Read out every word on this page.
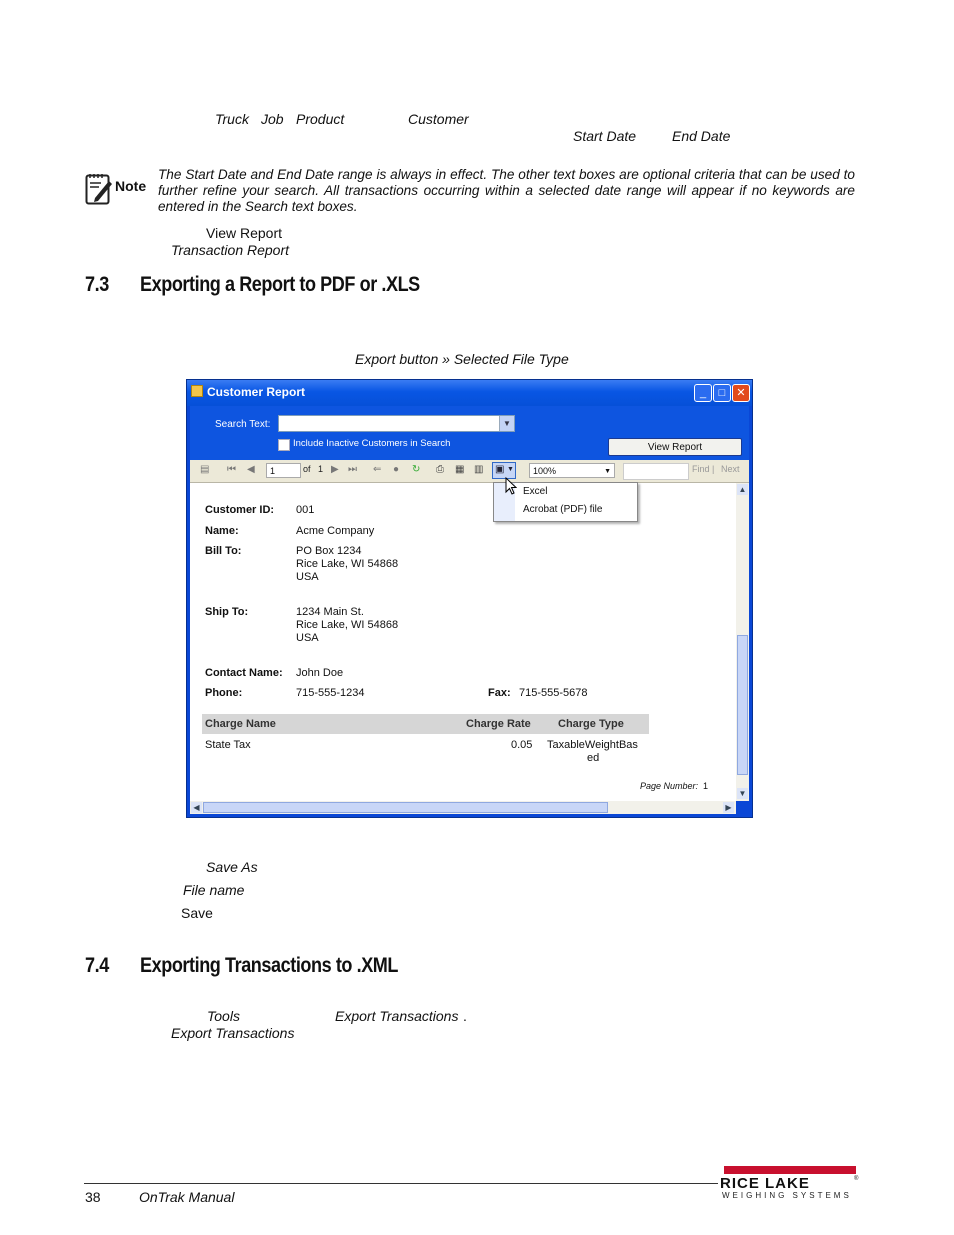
Truck Job Product	Customer
Start Date	End Date
Note
The Start Date and End Date range is always in effect. The other text boxes are optional criteria that can be used to further refine your search. All transactions occurring within a selected date range will appear if no keywords are entered in the Search text boxes.
View Report
Transaction Report
7.3 Exporting a Report to PDF or .XLS
Export button » Selected File Type
Customer Report	_	□	✕
Search Text:	▼
Include Inactive Customers in Search	View Report
▤ ⏮ ◀	1	of 1 ▶ ⏭ ⇐ ● ↻ ⎙ ▦ ▥ ▣ ▼	100%	▼	Find | Next
Customer ID: 001
Name:	Acme Company
Bill To:	PO Box 1234
Rice Lake, WI 54868
USA
Ship To:	1234 Main St.
Rice Lake, WI 54868
USA
Contact Name: John Doe
Phone:	715-555-1234	Fax: 715-555-5678
Charge Name	Charge Rate Charge Type
State Tax	0.05 TaxableWeightBas
ed
Page Number: 1
▲
▼
◀	▶
Excel
Acrobat (PDF) file
Save As
File name
Save
7.4 Exporting Transactions to .XML
Tools	Export Transactions .
Export Transactions
38	OnTrak Manual
RICE LAKE	®
WEIGHING SYSTEMS
